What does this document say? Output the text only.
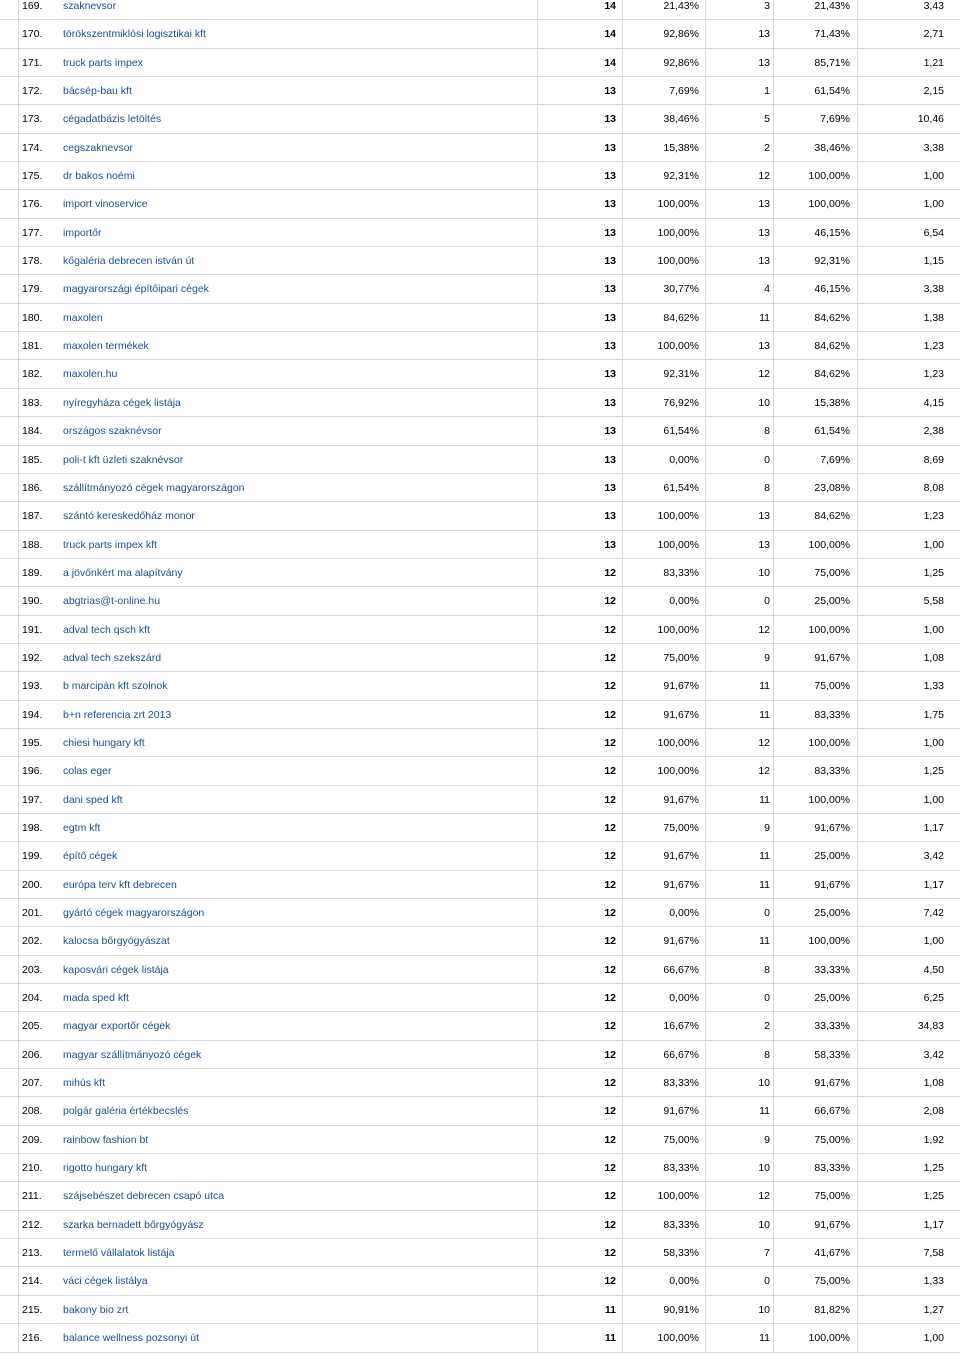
169.	szaknevsor	14	21,43%	3	21,43%	3,43
170.	törökszentmiklósi logisztikai kft	14	92,86%	13	71,43%	2,71
171.	truck parts impex	14	92,86%	13	85,71%	1,21
172.	bácsép-bau kft	13	7,69%	1	61,54%	2,15
173.	cégadatbázis letöltés	13	38,46%	5	7,69%	10,46
174.	cegszaknevsor	13	15,38%	2	38,46%	3,38
175.	dr bakos noémi	13	92,31%	12	100,00%	1,00
176.	import vinoservice	13	100,00%	13	100,00%	1,00
177.	importőr	13	100,00%	13	46,15%	6,54
178.	kőgaléria debrecen istván út	13	100,00%	13	92,31%	1,15
179.	magyarországi építőipari cégek	13	30,77%	4	46,15%	3,38
180.	maxolen	13	84,62%	11	84,62%	1,38
181.	maxolen termékek	13	100,00%	13	84,62%	1,23
182.	maxolen.hu	13	92,31%	12	84,62%	1,23
183.	nyíregyháza cégek listája	13	76,92%	10	15,38%	4,15
184.	országos szaknévsor	13	61,54%	8	61,54%	2,38
185.	poli-t kft üzleti szaknévsor	13	0,00%	0	7,69%	8,69
186.	szállítmányozó cégek magyarországon	13	61,54%	8	23,08%	8,08
187.	szántó kereskedőház monor	13	100,00%	13	84,62%	1,23
188.	truck parts impex kft	13	100,00%	13	100,00%	1,00
189.	a jövőnkért ma alapítvány	12	83,33%	10	75,00%	1,25
190.	abgtrias@t-online.hu	12	0,00%	0	25,00%	5,58
191.	adval tech qsch kft	12	100,00%	12	100,00%	1,00
192.	adval tech szekszárd	12	75,00%	9	91,67%	1,08
193.	b marcipán kft szolnok	12	91,67%	11	75,00%	1,33
194.	b+n referencia zrt 2013	12	91,67%	11	83,33%	1,75
195.	chiesi hungary kft	12	100,00%	12	100,00%	1,00
196.	colas eger	12	100,00%	12	83,33%	1,25
197.	dani sped kft	12	91,67%	11	100,00%	1,00
198.	egtm kft	12	75,00%	9	91,67%	1,17
199.	építő cégek	12	91,67%	11	25,00%	3,42
200.	európa terv kft debrecen	12	91,67%	11	91,67%	1,17
201.	gyártó cégek magyarországon	12	0,00%	0	25,00%	7,42
202.	kalocsa bőrgyógyászat	12	91,67%	11	100,00%	1,00
203.	kaposvári cégek listája	12	66,67%	8	33,33%	4,50
204.	mada sped kft	12	0,00%	0	25,00%	6,25
205.	magyar exportőr cégek	12	16,67%	2	33,33%	34,83
206.	magyar szállítmányozó cégek	12	66,67%	8	58,33%	3,42
207.	mihús kft	12	83,33%	10	91,67%	1,08
208.	polgár galéria értékbecslés	12	91,67%	11	66,67%	2,08
209.	rainbow fashion bt	12	75,00%	9	75,00%	1,92
210.	rigotto hungary kft	12	83,33%	10	83,33%	1,25
211.	szájsebészet debrecen csapó utca	12	100,00%	12	75,00%	1,25
212.	szarka bernadett bőrgyógyász	12	83,33%	10	91,67%	1,17
213.	termelő vállalatok listája	12	58,33%	7	41,67%	7,58
214.	váci cégek listálya	12	0,00%	0	75,00%	1,33
215.	bakony bio zrt	11	90,91%	10	81,82%	1,27
216.	balance wellness pozsonyi út	11	100,00%	11	100,00%	1,00
